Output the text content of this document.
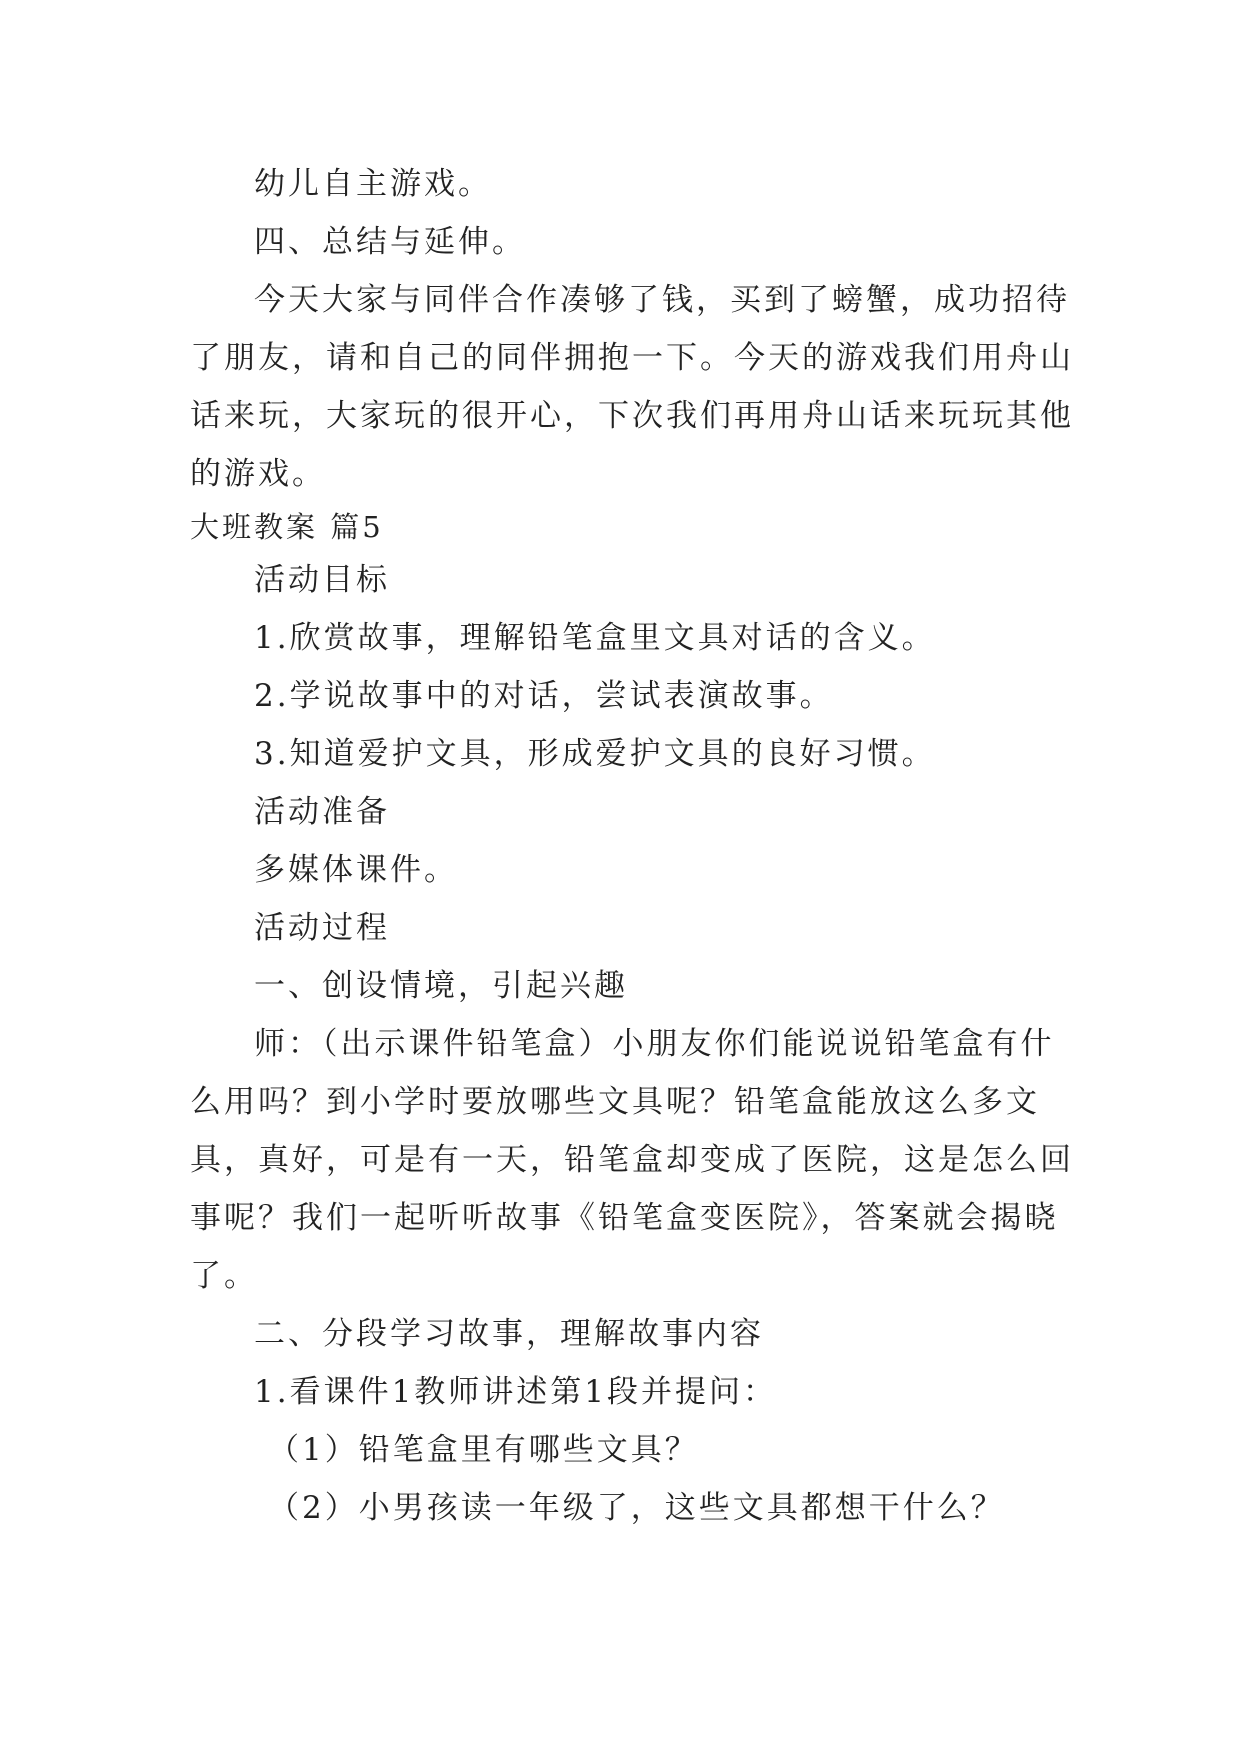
幼儿自主游戏。
四、总结与延伸。
今天大家与同伴合作凑够了钱，买到了螃蟹，成功招待
了朋友，请和自己的同伴拥抱一下。今天的游戏我们用舟山
话来玩，大家玩的很开心，下次我们再用舟山话来玩玩其他
的游戏。
大班教案 篇5
活动目标
1.欣赏故事，理解铅笔盒里文具对话的含义。
2.学说故事中的对话，尝试表演故事。
3.知道爱护文具，形成爱护文具的良好习惯。
活动准备
多媒体课件。
活动过程
一、创设情境，引起兴趣
师：（出示课件铅笔盒）小朋友你们能说说铅笔盒有什
么用吗？到小学时要放哪些文具呢？铅笔盒能放这么多文
具，真好，可是有一天，铅笔盒却变成了医院，这是怎么回
事呢？我们一起听听故事《铅笔盒变医院》，答案就会揭晓
了。
二、分段学习故事，理解故事内容
1.看课件1教师讲述第1段并提问：
（1）铅笔盒里有哪些文具？
（2）小男孩读一年级了，这些文具都想干什么？
